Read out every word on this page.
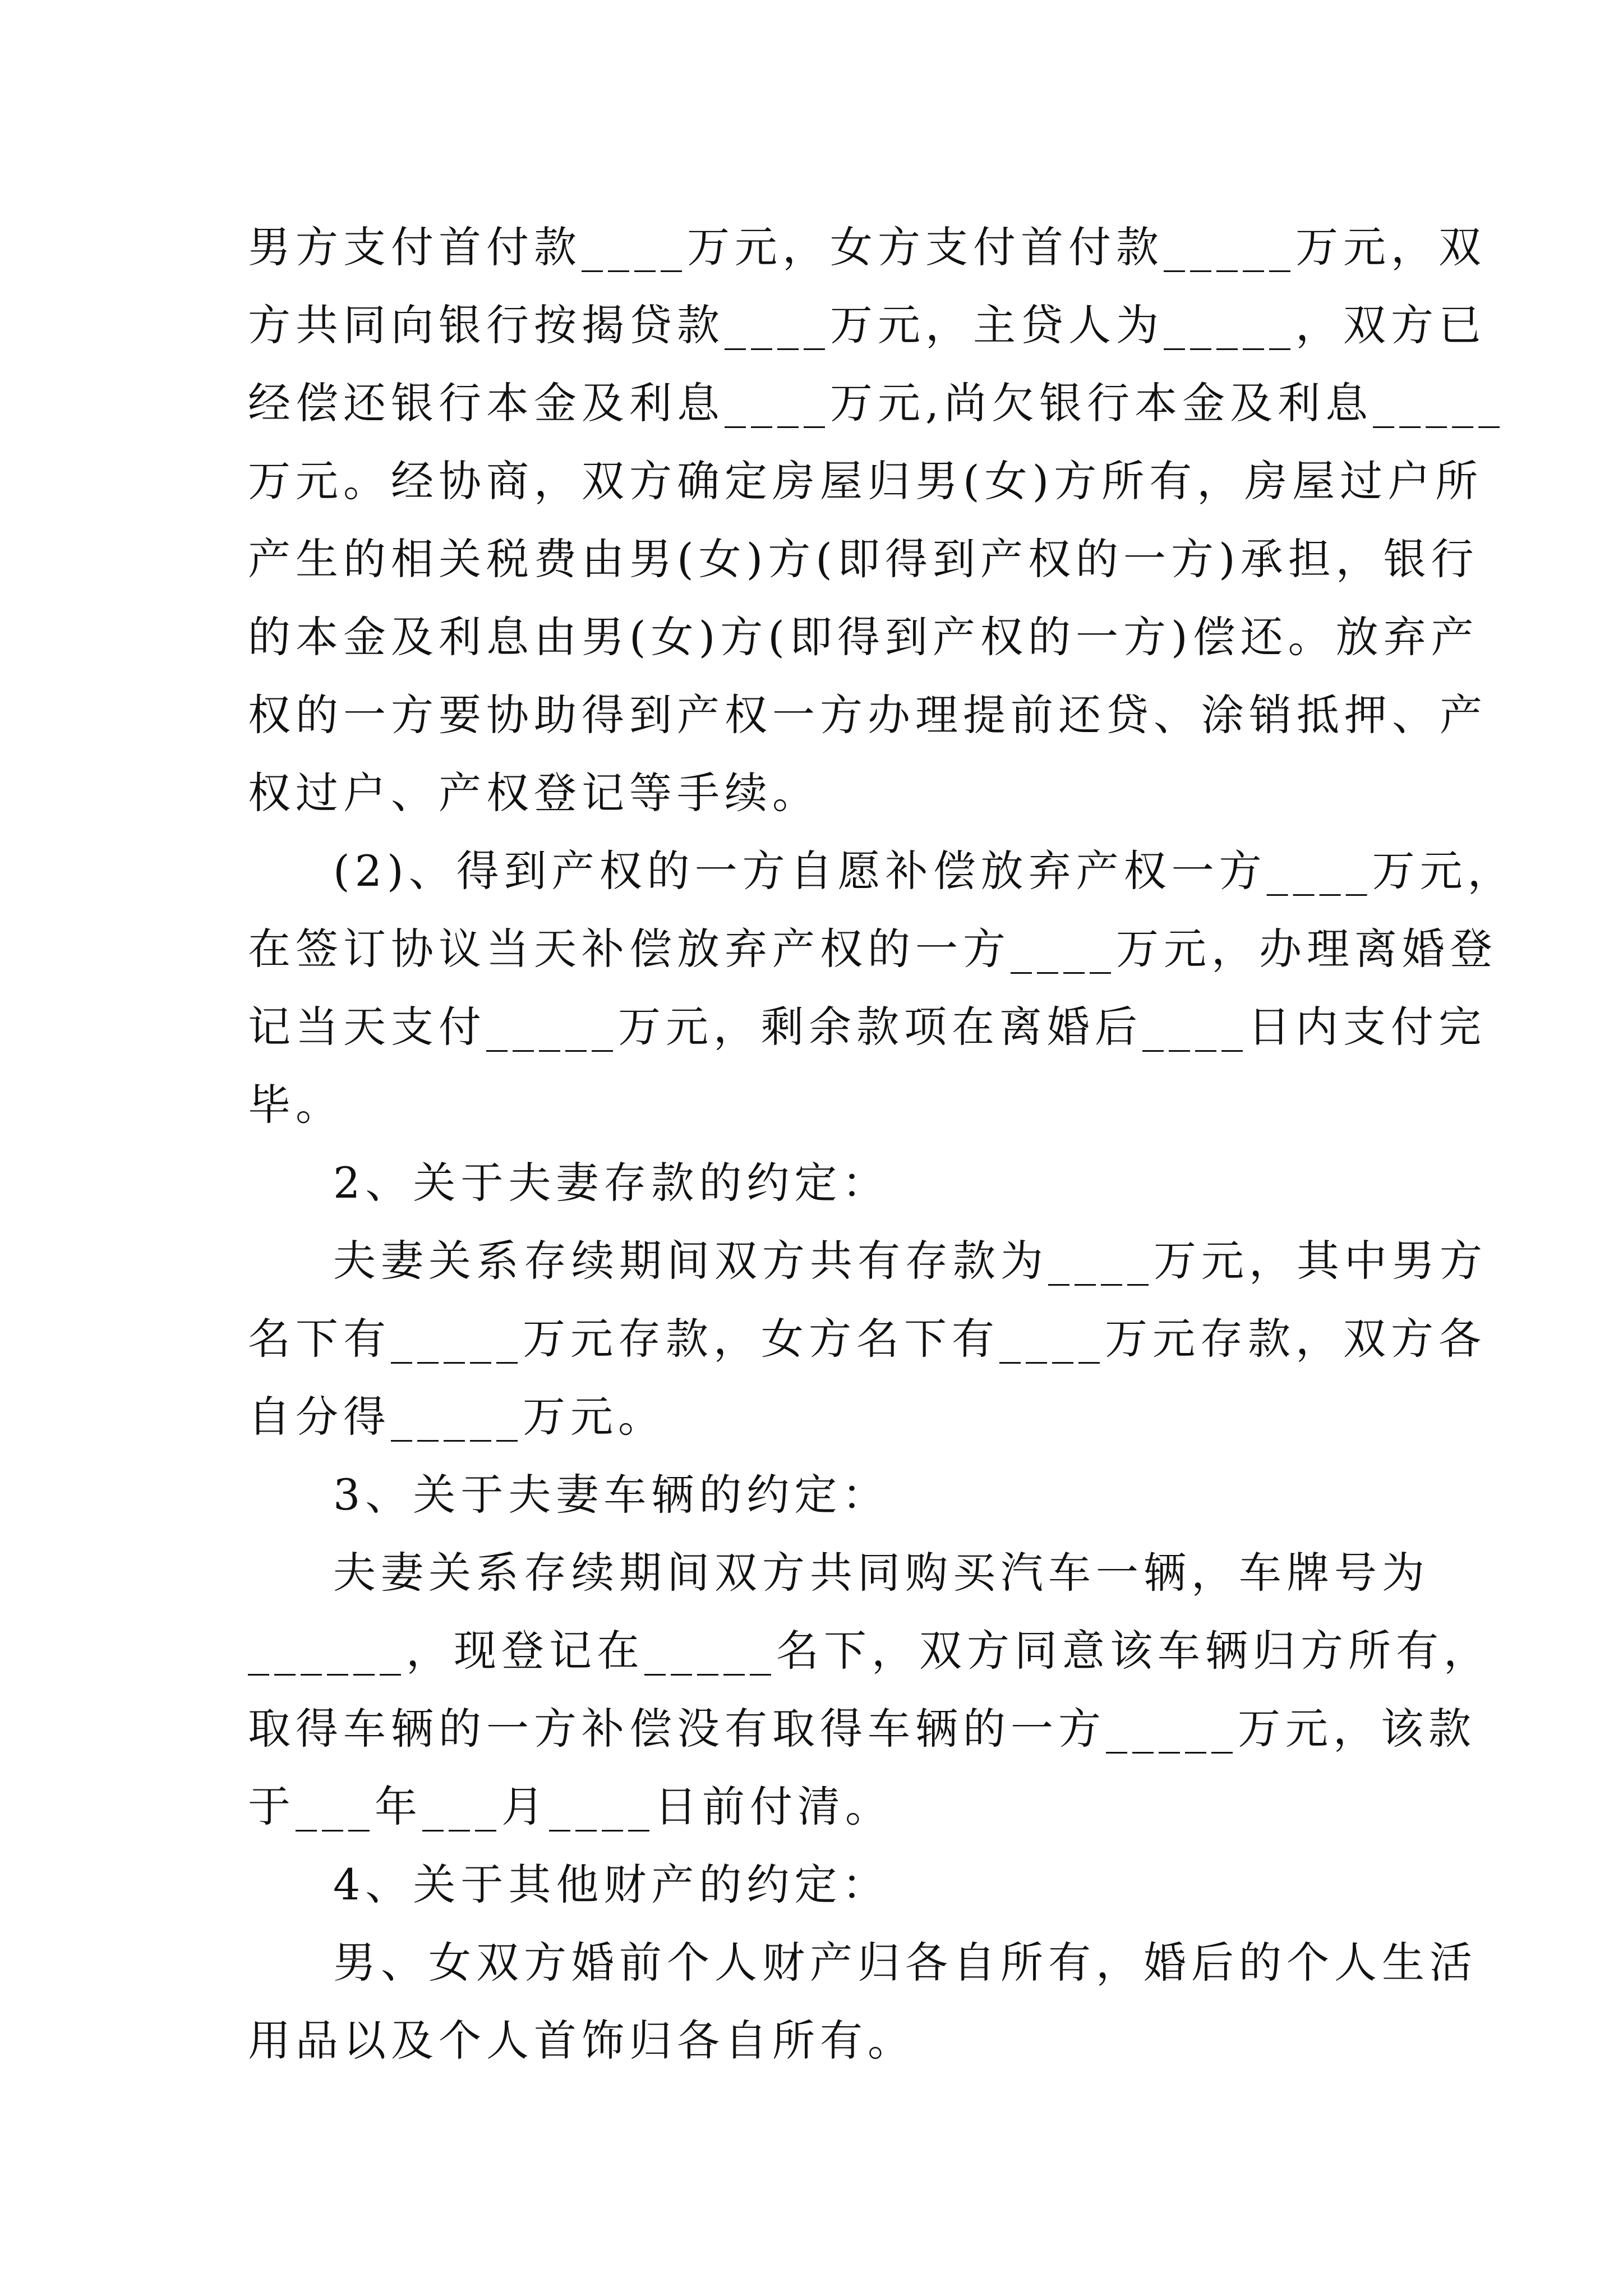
男方支付首付款____万元，女方支付首付款_____万元，双
方共同向银行按揭贷款____万元，主贷人为_____，双方已
经偿还银行本金及利息____万元,尚欠银行本金及利息_____
万元。经协商，双方确定房屋归男(女)方所有，房屋过户所
产生的相关税费由男(女)方(即得到产权的一方)承担，银行
的本金及利息由男(女)方(即得到产权的一方)偿还。放弃产
权的一方要协助得到产权一方办理提前还贷、涂销抵押、产
权过户、产权登记等手续。
(2)、得到产权的一方自愿补偿放弃产权一方____万元，
在签订协议当天补偿放弃产权的一方____万元，办理离婚登
记当天支付_____万元，剩余款项在离婚后____日内支付完
毕。
2、关于夫妻存款的约定：
夫妻关系存续期间双方共有存款为____万元，其中男方
名下有_____万元存款，女方名下有____万元存款，双方各
自分得_____万元。
3、关于夫妻车辆的约定：
夫妻关系存续期间双方共同购买汽车一辆，车牌号为
______，现登记在_____名下，双方同意该车辆归方所有，
取得车辆的一方补偿没有取得车辆的一方_____万元，该款
于___年___月____日前付清。
4、关于其他财产的约定：
男、女双方婚前个人财产归各自所有，婚后的个人生活
用品以及个人首饰归各自所有。
